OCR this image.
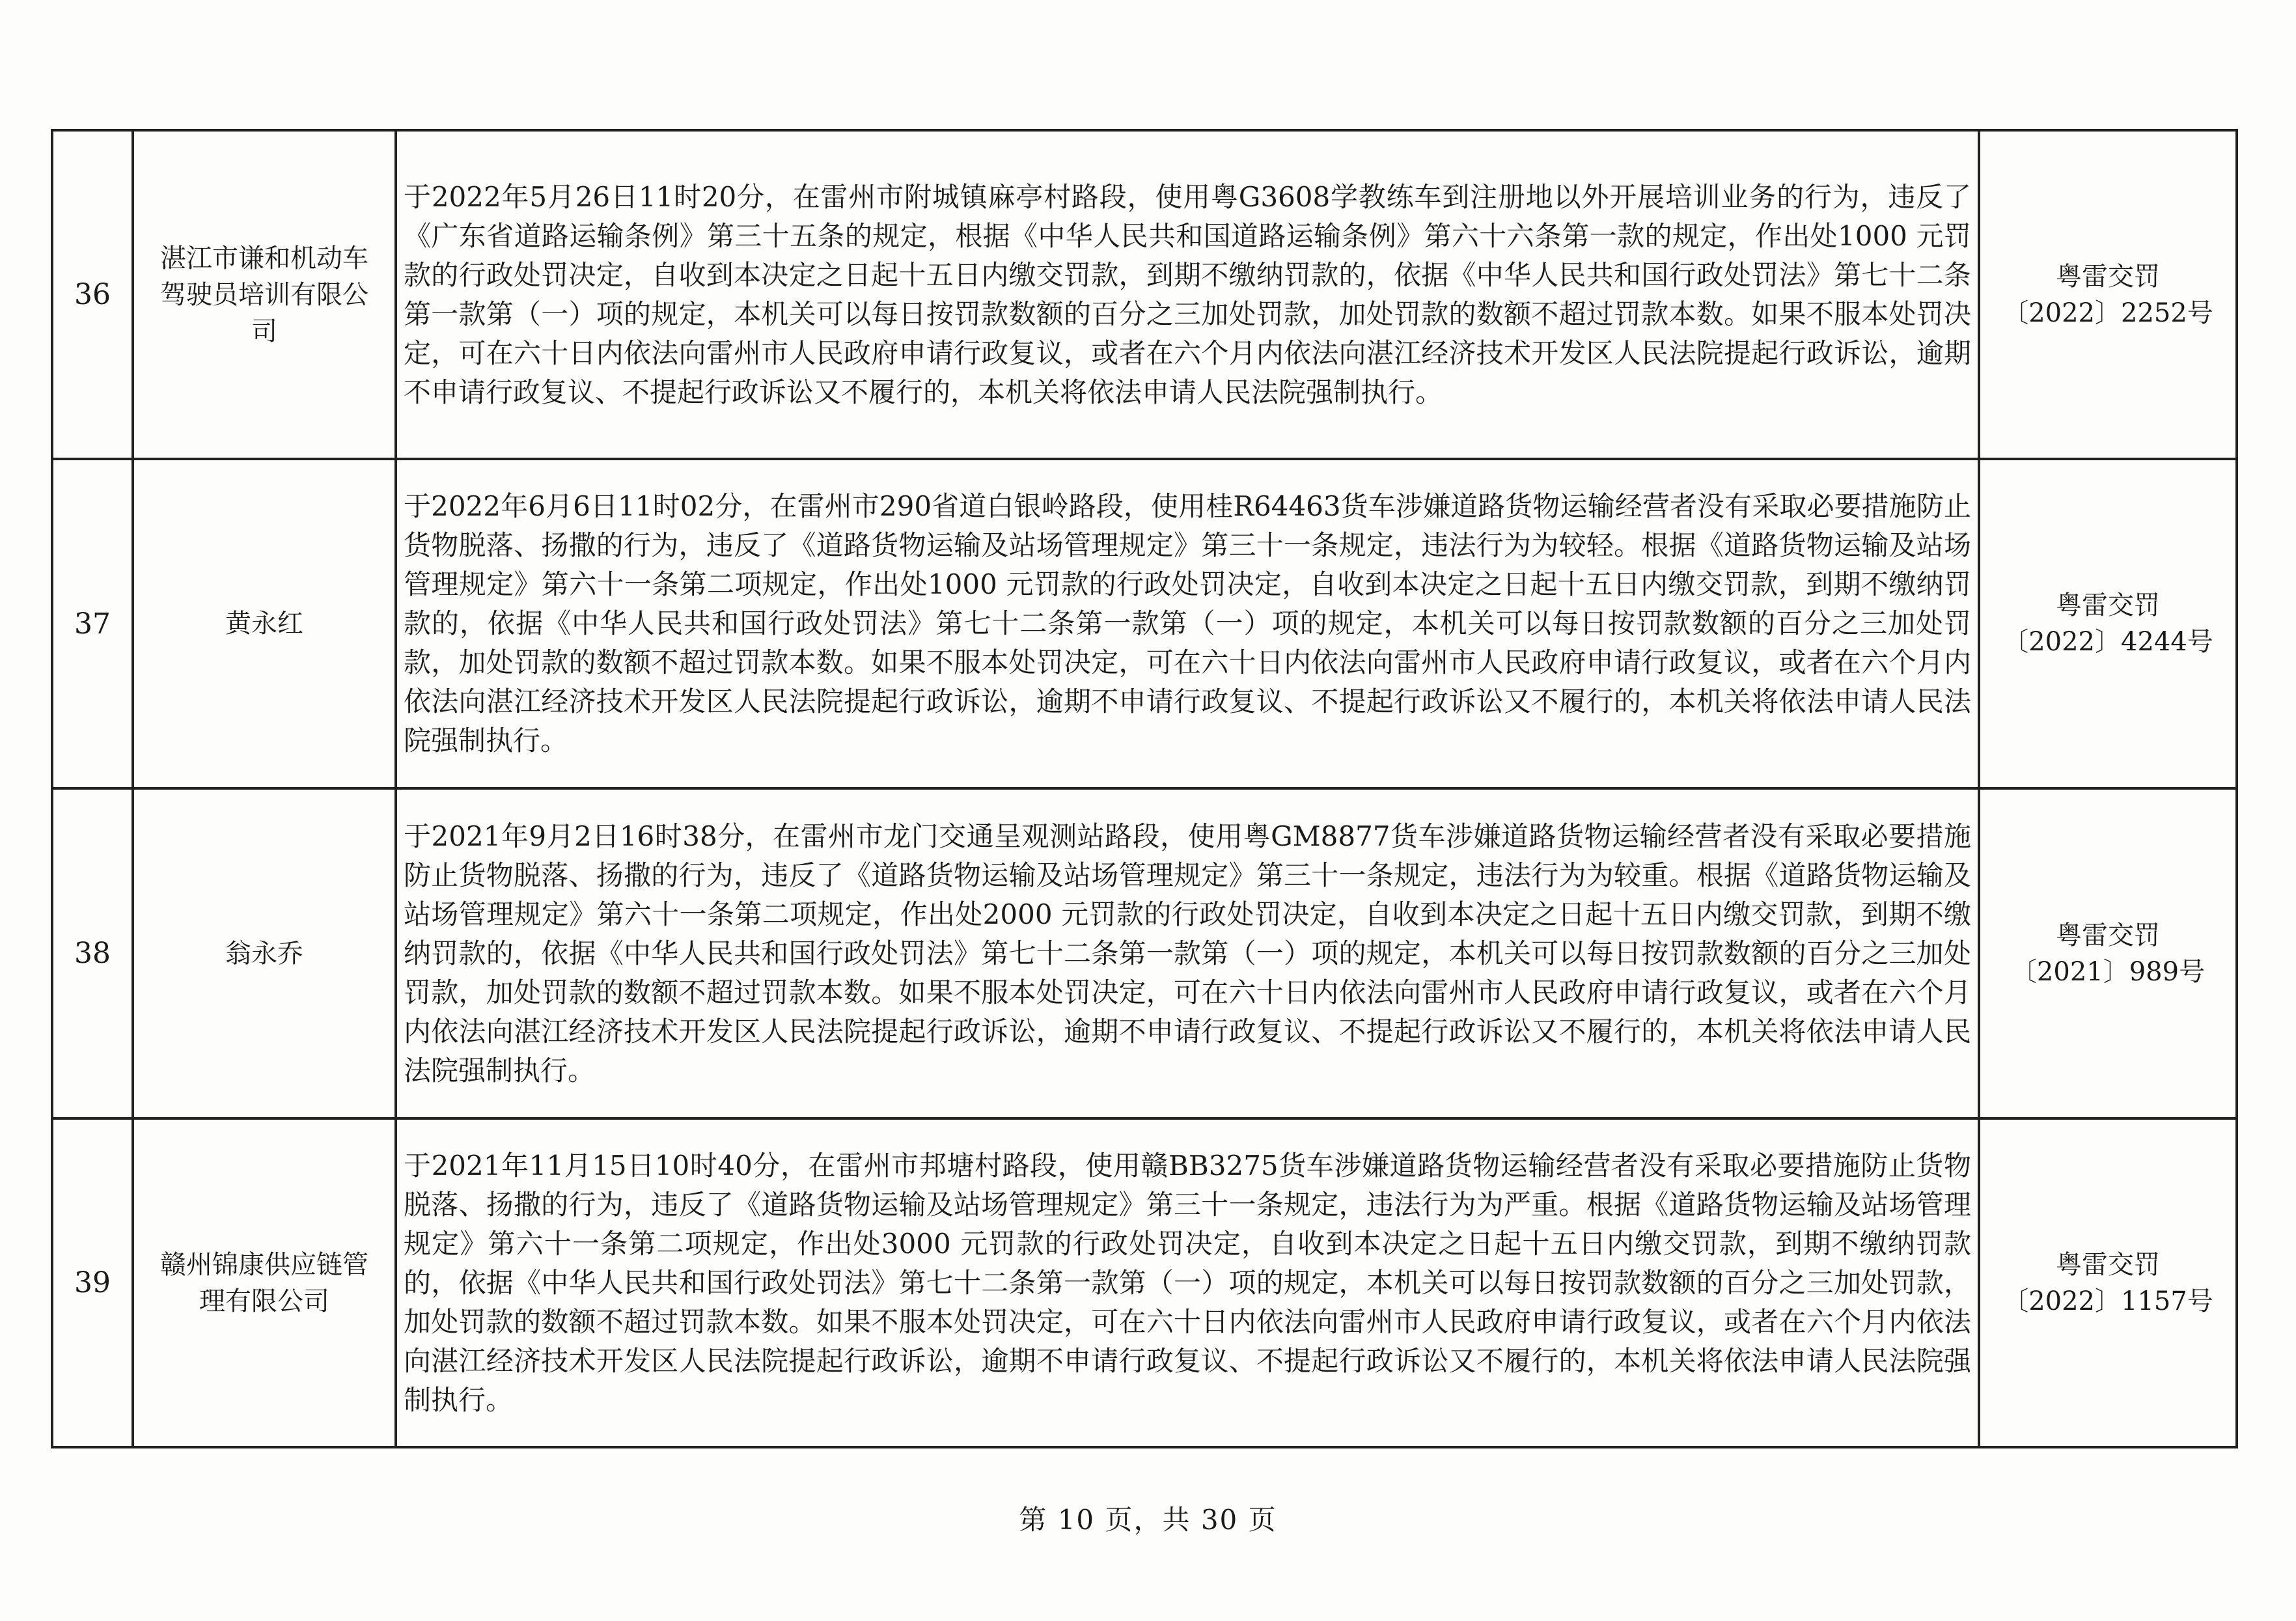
36	湛江市谦和机动车驾驶员培训有限公司	于2022年5月26日11时20分，在雷州市附城镇麻亭村路段，使用粤G3608学教练车到注册地以外开展培训业务的行为，违反了《广东省道路运输条例》第三十五条的规定，根据《中华人民共和国道路运输条例》第六十六条第一款的规定，作出处1000 元罚款的行政处罚决定，自收到本决定之日起十五日内缴交罚款，到期不缴纳罚款的，依据《中华人民共和国行政处罚法》第七十二条第一款第（一）项的规定，本机关可以每日按罚款数额的百分之三加处罚款，加处罚款的数额不超过罚款本数。如果不服本处罚决定，可在六十日内依法向雷州市人民政府申请行政复议，或者在六个月内依法向湛江经济技术开发区人民法院提起行政诉讼，逾期不申请行政复议、不提起行政诉讼又不履行的，本机关将依法申请人民法院强制执行。	粤雷交罚
〔2022〕2252号

37	黄永红	于2022年6月6日11时02分，在雷州市290省道白银岭路段，使用桂R64463货车涉嫌道路货物运输经营者没有采取必要措施防止货物脱落、扬撒的行为，违反了《道路货物运输及站场管理规定》第三十一条规定，违法行为为较轻。根据《道路货物运输及站场管理规定》第六十一条第二项规定，作出处1000 元罚款的行政处罚决定，自收到本决定之日起十五日内缴交罚款，到期不缴纳罚款的，依据《中华人民共和国行政处罚法》第七十二条第一款第（一）项的规定，本机关可以每日按罚款数额的百分之三加处罚款，加处罚款的数额不超过罚款本数。如果不服本处罚决定，可在六十日内依法向雷州市人民政府申请行政复议，或者在六个月内依法向湛江经济技术开发区人民法院提起行政诉讼，逾期不申请行政复议、不提起行政诉讼又不履行的，本机关将依法申请人民法院强制执行。	粤雷交罚
〔2022〕4244号

38	翁永乔	于2021年9月2日16时38分，在雷州市龙门交通呈观测站路段，使用粤GM8877货车涉嫌道路货物运输经营者没有采取必要措施防止货物脱落、扬撒的行为，违反了《道路货物运输及站场管理规定》第三十一条规定，违法行为为较重。根据《道路货物运输及站场管理规定》第六十一条第二项规定，作出处2000 元罚款的行政处罚决定，自收到本决定之日起十五日内缴交罚款，到期不缴纳罚款的，依据《中华人民共和国行政处罚法》第七十二条第一款第（一）项的规定，本机关可以每日按罚款数额的百分之三加处罚款，加处罚款的数额不超过罚款本数。如果不服本处罚决定，可在六十日内依法向雷州市人民政府申请行政复议，或者在六个月内依法向湛江经济技术开发区人民法院提起行政诉讼，逾期不申请行政复议、不提起行政诉讼又不履行的，本机关将依法申请人民法院强制执行。	粤雷交罚
〔2021〕989号

39	赣州锦康供应链管理有限公司	于2021年11月15日10时40分，在雷州市邦塘村路段，使用赣BB3275货车涉嫌道路货物运输经营者没有采取必要措施防止货物脱落、扬撒的行为，违反了《道路货物运输及站场管理规定》第三十一条规定，违法行为为严重。根据《道路货物运输及站场管理规定》第六十一条第二项规定，作出处3000 元罚款的行政处罚决定，自收到本决定之日起十五日内缴交罚款，到期不缴纳罚款的，依据《中华人民共和国行政处罚法》第七十二条第一款第（一）项的规定，本机关可以每日按罚款数额的百分之三加处罚款，加处罚款的数额不超过罚款本数。如果不服本处罚决定，可在六十日内依法向雷州市人民政府申请行政复议，或者在六个月内依法向湛江经济技术开发区人民法院提起行政诉讼，逾期不申请行政复议、不提起行政诉讼又不履行的，本机关将依法申请人民法院强制执行。	粤雷交罚
〔2022〕1157号
第 10 页，共 30 页
